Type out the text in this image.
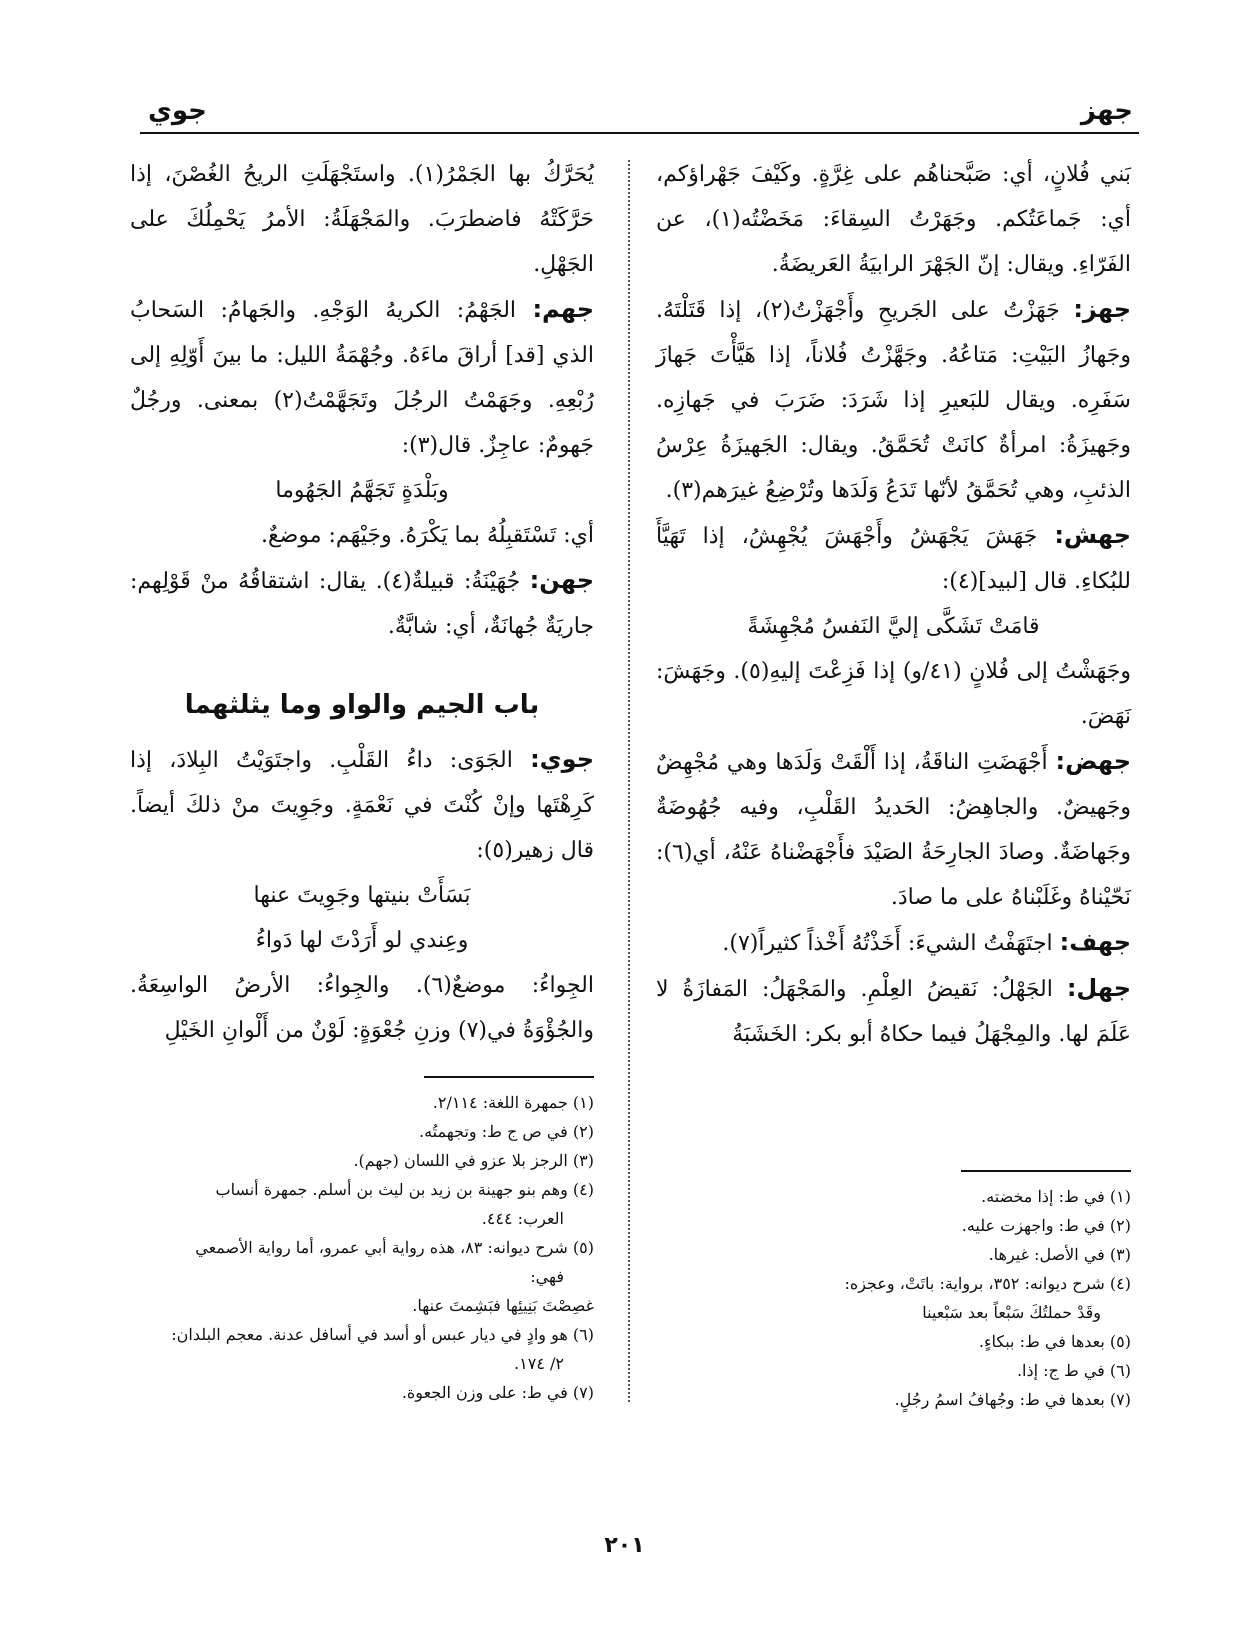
جهز
جوي

بَني فُلانٍ، أي: صَبَّحناهُم على غِرَّةٍ. وكَيْفَ جَهْراؤكم، أي: جَماعَتُكم. وجَهَرْتُ السِقاءَ: مَخَضْتُه(١)، عن الفَرّاءِ. ويقال: إنّ الجَهْرَ الرابيَةُ العَريضَةُ.

جهز: جَهَزْتُ على الجَريحِ وأَجْهَزْتُ(٢)، إذا قَتَلْتَهُ. وجَهازُ البَيْتِ: مَتاعُهُ. وجَهَّزْتُ فُلاناً، إذا هَيَّأْتَ جَهازَ سَفَرِه. ويقال للبَعيرِ إذا شَرَدَ: ضَرَبَ في جَهازِه. وجَهيزَةُ: امرأةٌ كانَتْ تُحَمَّقُ. ويقال: الجَهيزَةُ عِرْسُ الذئبِ، وهي تُحَمَّقُ لأنّها تَدَعُ وَلَدَها وتُرْضِعُ غيرَهم(٣).

جهش: جَهَشَ يَجْهَشُ وأَجْهَشَ يُجْهِشُ، إذا تَهَيَّأَ للبُكاءِ. قال [لبيد](٤):

قامَتْ تَشَكَّى إليَّ النَفسُ مُجْهِشَةً

وجَهَشْتُ إلى فُلانٍ (٤١/و) إذا فَزِعْتَ إليهِ(٥). وجَهَشَ: نَهَضَ.

جهض: أَجْهَضَتِ الناقَةُ، إذا أَلْقَتْ وَلَدَها وهي مُجْهِضٌ وجَهيضٌ. والجاهِضُ: الحَديدُ القَلْبِ، وفيه جُهُوضَةٌ وجَهاضَةٌ. وصادَ الجارِحَةُ الصَيْدَ فأَجْهَضْناهُ عَنْهُ، أي(٦): نَحّيْناهُ وغَلَبْناهُ على ما صادَ.

جهف: اجتَهَفْتُ الشيءَ: أَخَذْتُهُ أَخْذاً كثيراً(٧).

جهل: الجَهْلُ: نَقيضُ العِلْمِ. والمَجْهَلُ: المَفازَةُ لا عَلَمَ لها. والمِجْهَلُ فيما حكاهُ أبو بكر: الخَشَبَةُ

يُحَرَّكُ بها الجَمْرُ(١). واستَجْهَلَتِ الريحُ الغُصْنَ، إذا حَرَّكَتْهُ فاضطرَبَ. والمَجْهَلَةُ: الأمرُ يَحْمِلُكَ على الجَهْلِ.

جهم: الجَهْمُ: الكريهُ الوَجْهِ. والجَهامُ: السَحابُ الذي [قد] أراقَ ماءَهُ. وجُهْمَةُ الليل: ما بينَ أَوّلِهِ إلى رُبْعِهِ. وجَهَمْتُ الرجُلَ وتَجَهَّمْتُ(٢) بمعنى. ورجُلٌ جَهومٌ: عاجِزٌ. قال(٣):

وبَلْدَةٍ تَجَهَّمُ الجَهُوما

أي: تَسْتَقبِلُهُ بما يَكْرَهُ. وجَيْهَم: موضعٌ.

جهن: جُهَيْنَةُ: قبيلةٌ(٤). يقال: اشتقاقُهُ منْ قَوْلِهم: جاريَةٌ جُهانَةٌ، أي: شابَّةٌ.

باب الجيم والواو وما يثلثهما

جوي: الجَوَى: داءُ القَلْبِ. واجتَوَيْتُ البِلادَ، إذا كَرِهْتَها وإنْ كُنْتَ في نَعْمَةٍ. وجَوِيتَ منْ ذلكَ أيضاً. قال زهير(٥):

بَسَأَتْ بنيتها وجَوِيتَ عنها

وعِندي لو أَرَدْتَ لها دَواءُ

الجِواءُ: موضعٌ(٦). والجِواءُ: الأرضُ الواسِعَةُ. والجُؤْوَةُ في(٧) وزنِ جُعْوَةٍ: لَوْنٌ من أَلْوانِ الخَيْلِ

(١) في ط: إذا مخضته.

(٢) في ط: واجهزت عليه.

(٣) في الأصل: غيرها.

(٤) شرح ديوانه: ٣٥٢، برواية: باتَتْ، وعجزه:

وقَدْ حملتُكَ سَبْعاً بعد سَبْعينا

(٥) بعدها في ط: ببكاءٍ.

(٦) في ط ج: إذا.

(٧) بعدها في ط: وجُهافُ اسمُ رجُلٍ.

(١) جمهرة اللغة: ٢/١١٤.

(٢) في ص ج ط: وتجهمتُه.

(٣) الرجز بلا عزو في اللسان (جهم).

(٤) وهم بنو جهينة بن زيد بن ليث بن أسلم. جمهرة أنساب

العرب: ٤٤٤.

(٥) شرح ديوانه: ٨٣، هذه رواية أبي عمرو، أما رواية الأصمعي

فهي:

غصِصْتَ بَنِيئِها فبَشِمتَ عنها.

(٦) هو وادٍ في ديار عبس أو أسد في أسافل عدنة. معجم البلدان:

٢/ ١٧٤.

(٧) في ط: على وزن الجعوة.

٢٠١
